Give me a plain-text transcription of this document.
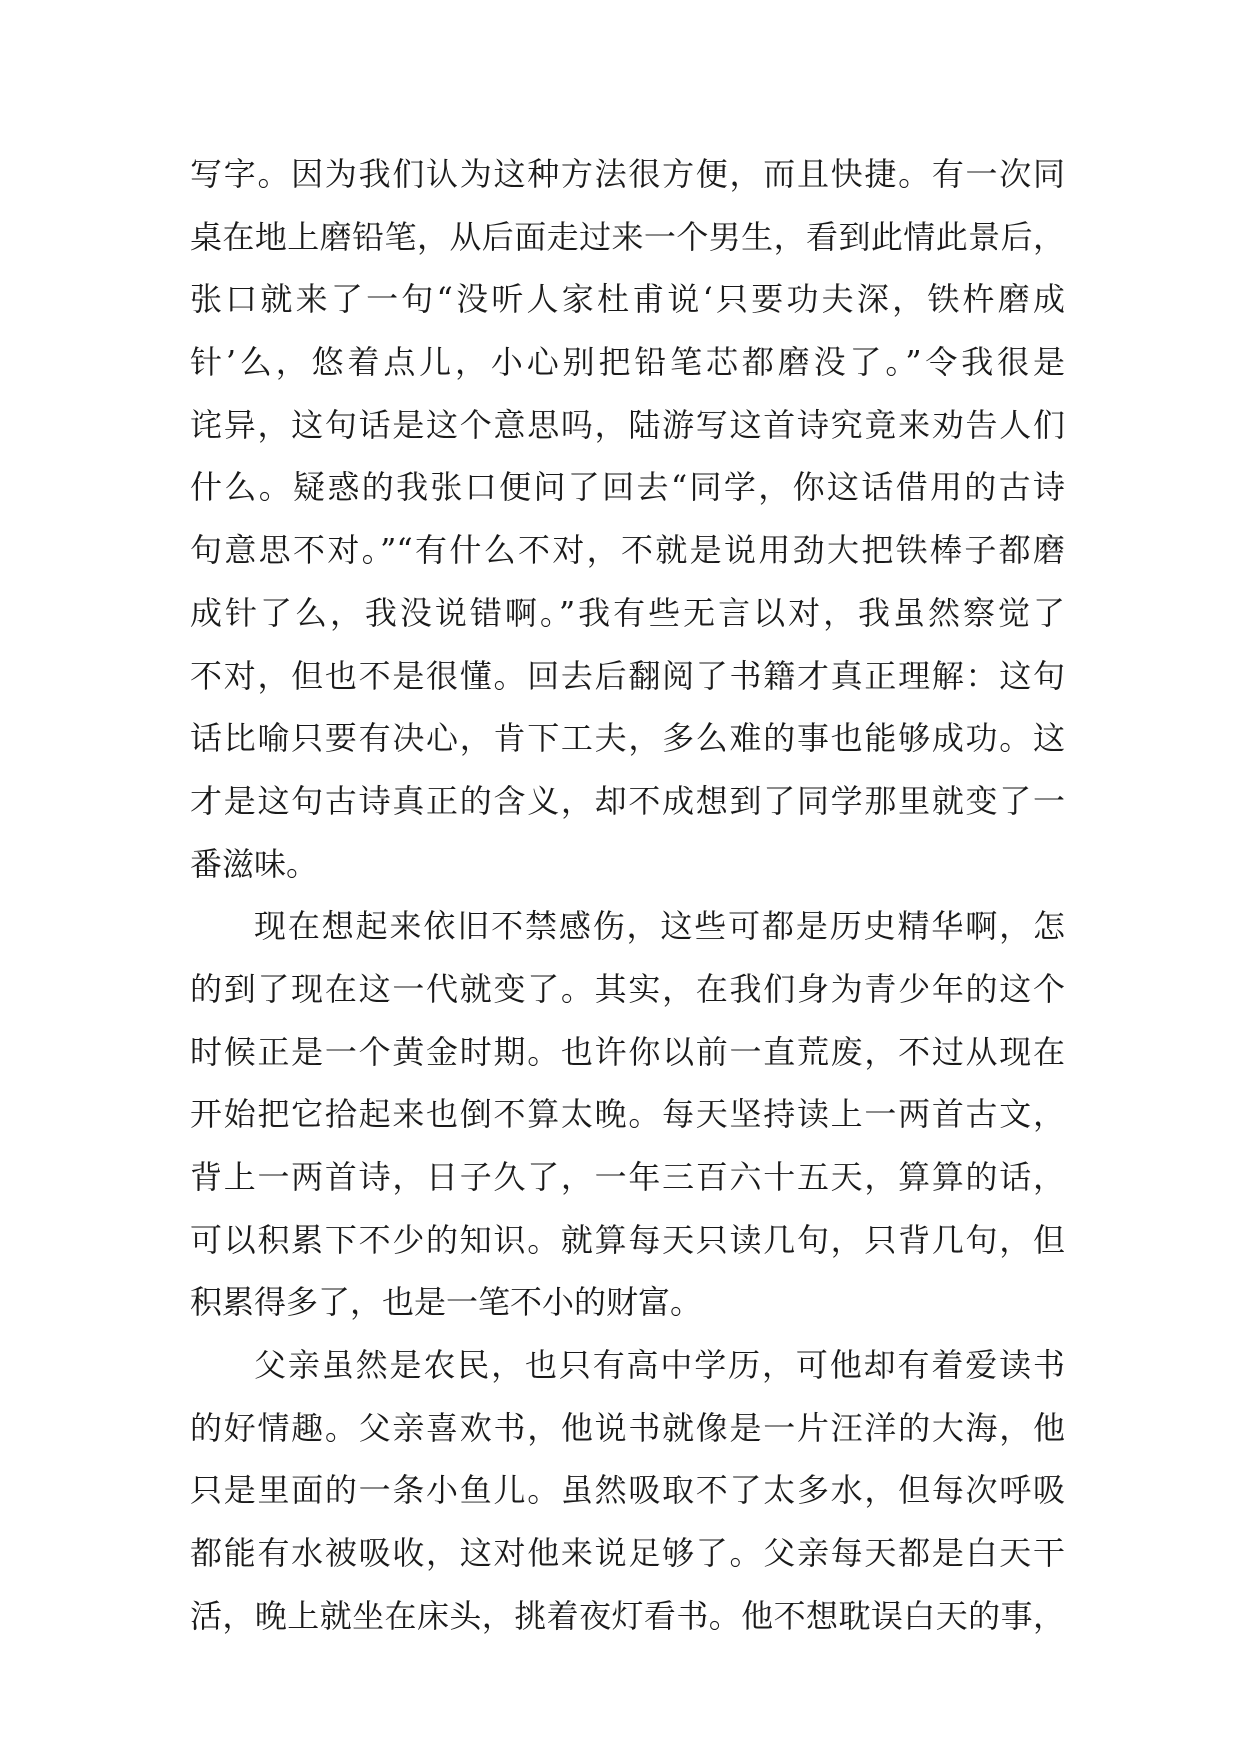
写字。因为我们认为这种方法很方便，而且快捷。有一次同
桌在地上磨铅笔，从后面走过来一个男生，看到此情此景后，
张口就来了一句“没听人家杜甫说‘只要功夫深，铁杵磨成
针’么，悠着点儿，小心别把铅笔芯都磨没了。”令我很是
诧异，这句话是这个意思吗，陆游写这首诗究竟来劝告人们
什么。疑惑的我张口便问了回去“同学，你这话借用的古诗
句意思不对。”“有什么不对，不就是说用劲大把铁棒子都磨
成针了么，我没说错啊。”我有些无言以对，我虽然察觉了
不对，但也不是很懂。回去后翻阅了书籍才真正理解：这句
话比喻只要有决心，肯下工夫，多么难的事也能够成功。这
才是这句古诗真正的含义，却不成想到了同学那里就变了一
番滋味。
现在想起来依旧不禁感伤，这些可都是历史精华啊，怎
的到了现在这一代就变了。其实，在我们身为青少年的这个
时候正是一个黄金时期。也许你以前一直荒废，不过从现在
开始把它拾起来也倒不算太晚。每天坚持读上一两首古文，
背上一两首诗，日子久了，一年三百六十五天，算算的话，
可以积累下不少的知识。就算每天只读几句，只背几句，但
积累得多了，也是一笔不小的财富。
父亲虽然是农民，也只有高中学历，可他却有着爱读书
的好情趣。父亲喜欢书，他说书就像是一片汪洋的大海，他
只是里面的一条小鱼儿。虽然吸取不了太多水，但每次呼吸
都能有水被吸收，这对他来说足够了。父亲每天都是白天干
活，晚上就坐在床头，挑着夜灯看书。他不想耽误白天的事，
